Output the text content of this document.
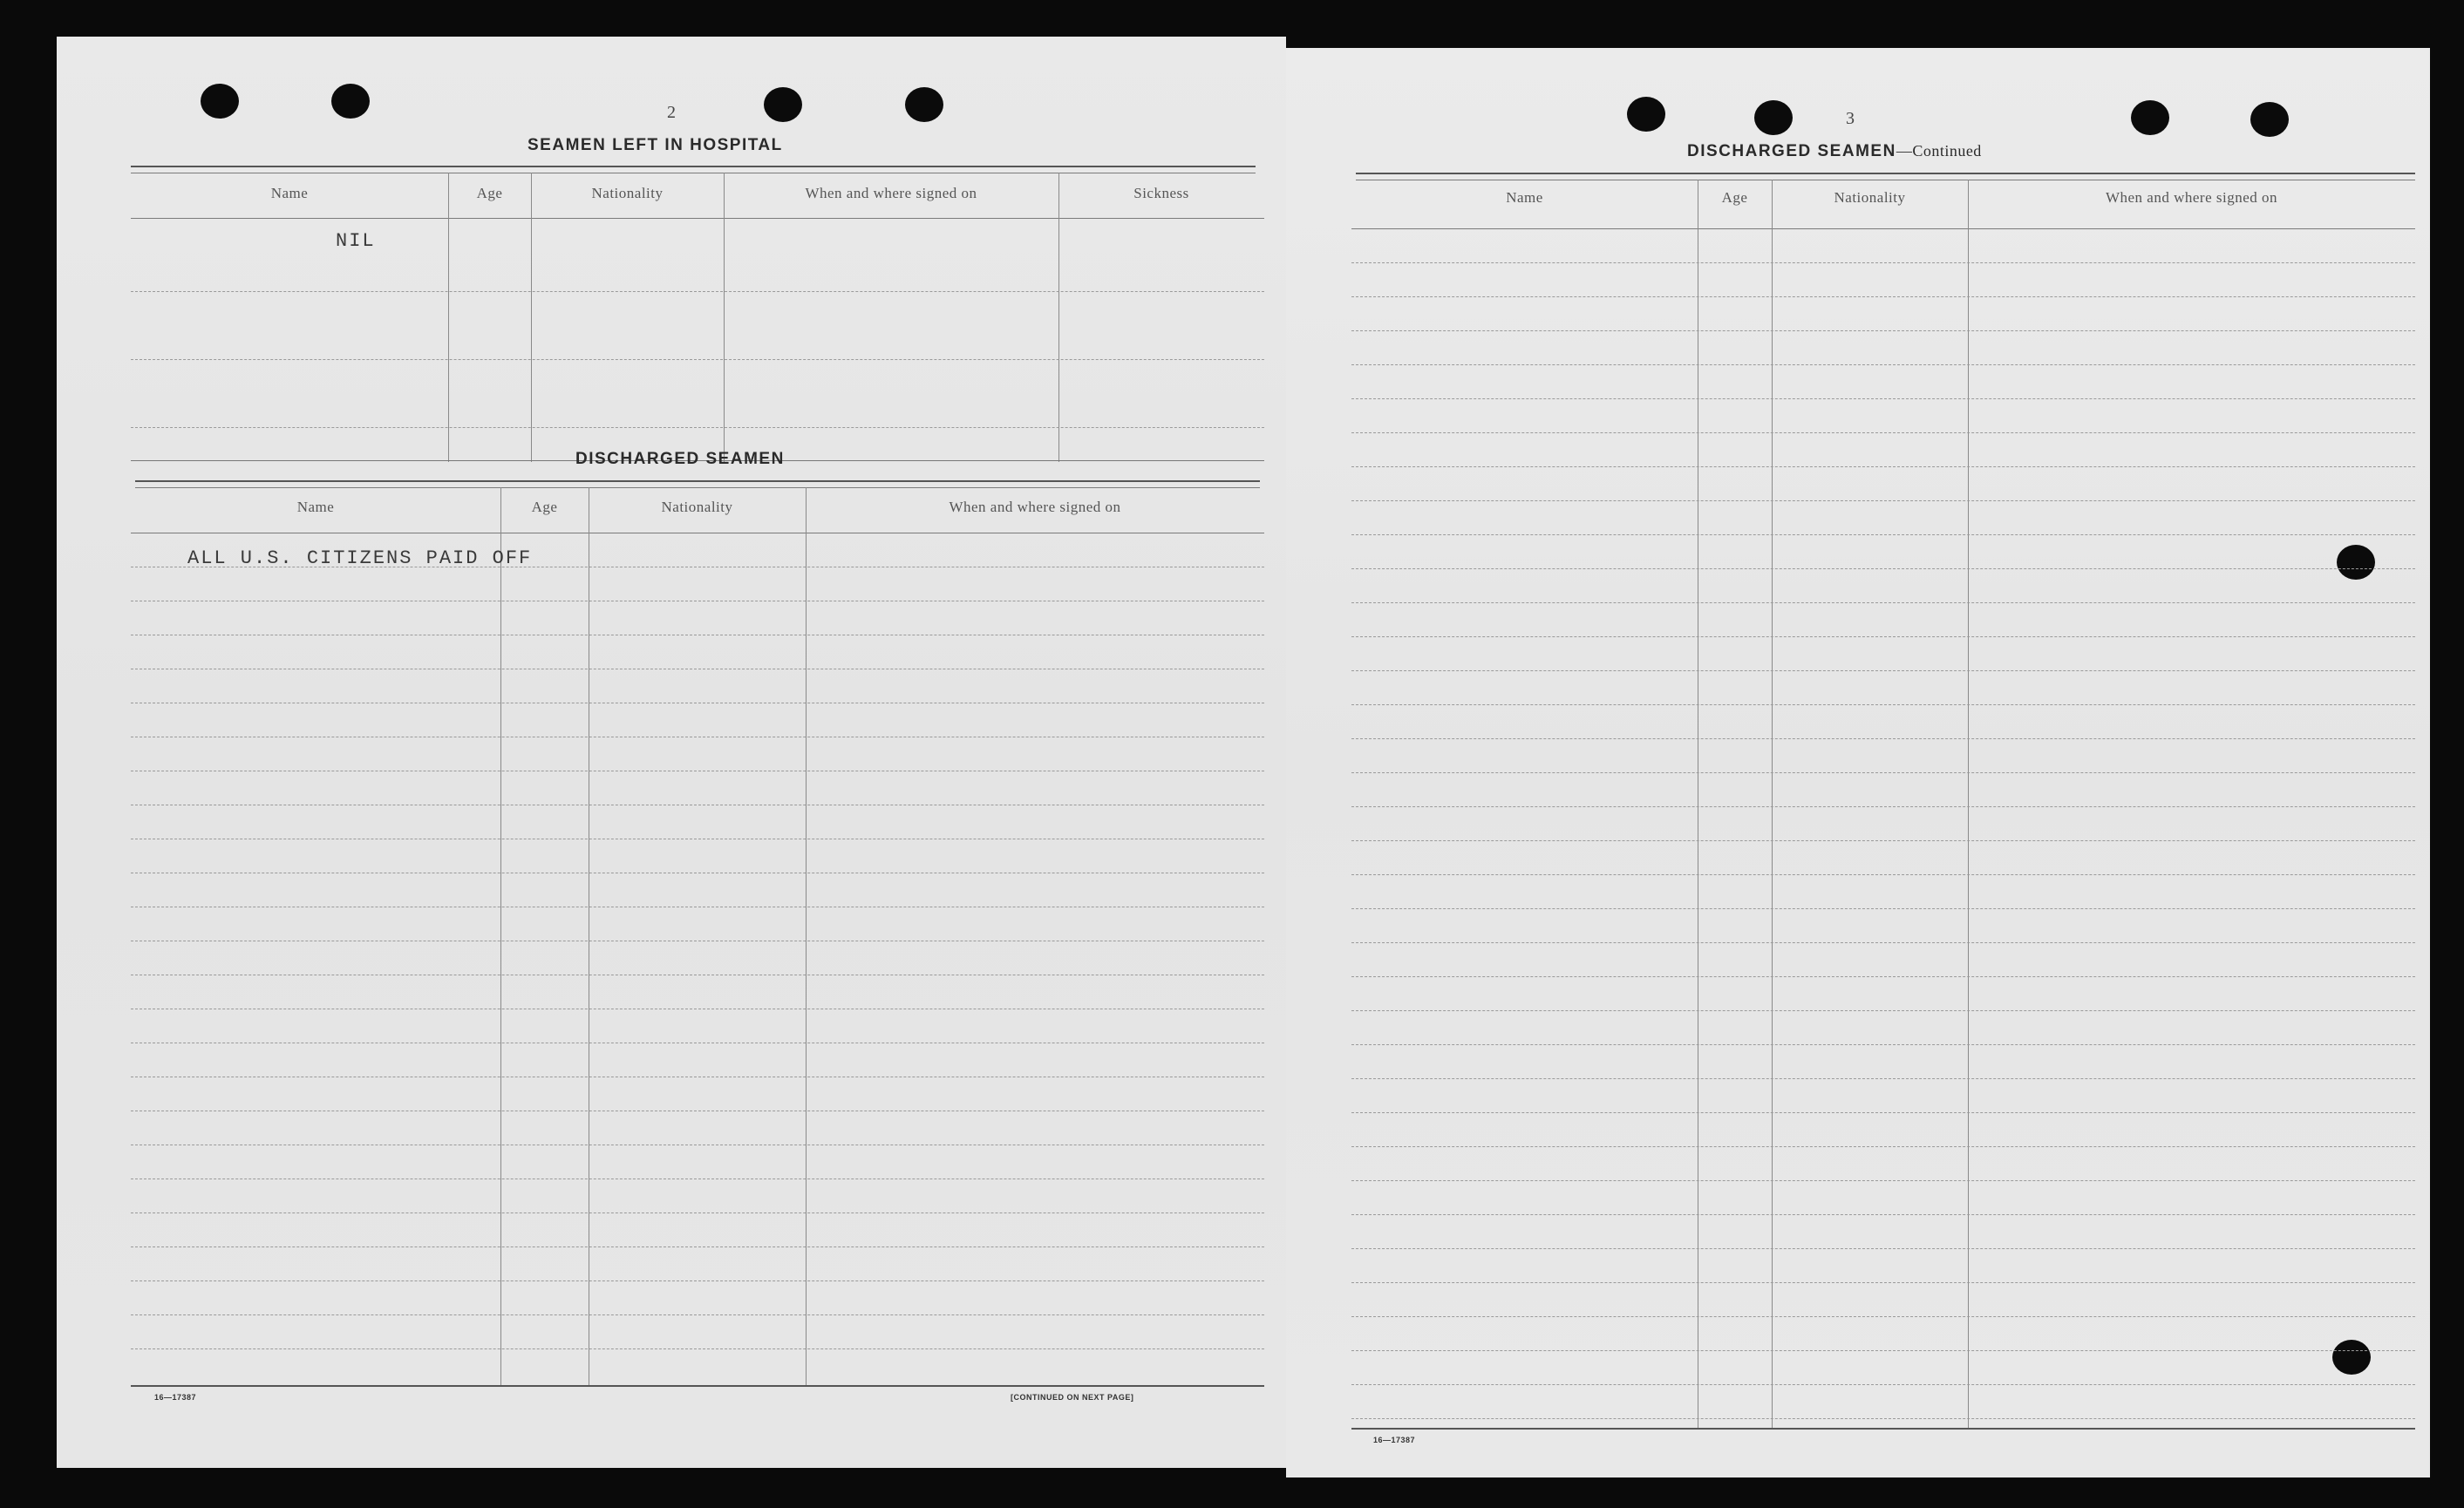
2
SEAMEN LEFT IN HOSPITAL
Name	Age	Nationality	When and where signed on	Sickness
NIL
DISCHARGED SEAMEN
Name	Age	Nationality	When and where signed on
ALL U.S. CITIZENS PAID OFF
16—17387	[CONTINUED ON NEXT PAGE]
3
DISCHARGED SEAMEN—Continued
Name	Age	Nationality	When and where signed on
16—17387
